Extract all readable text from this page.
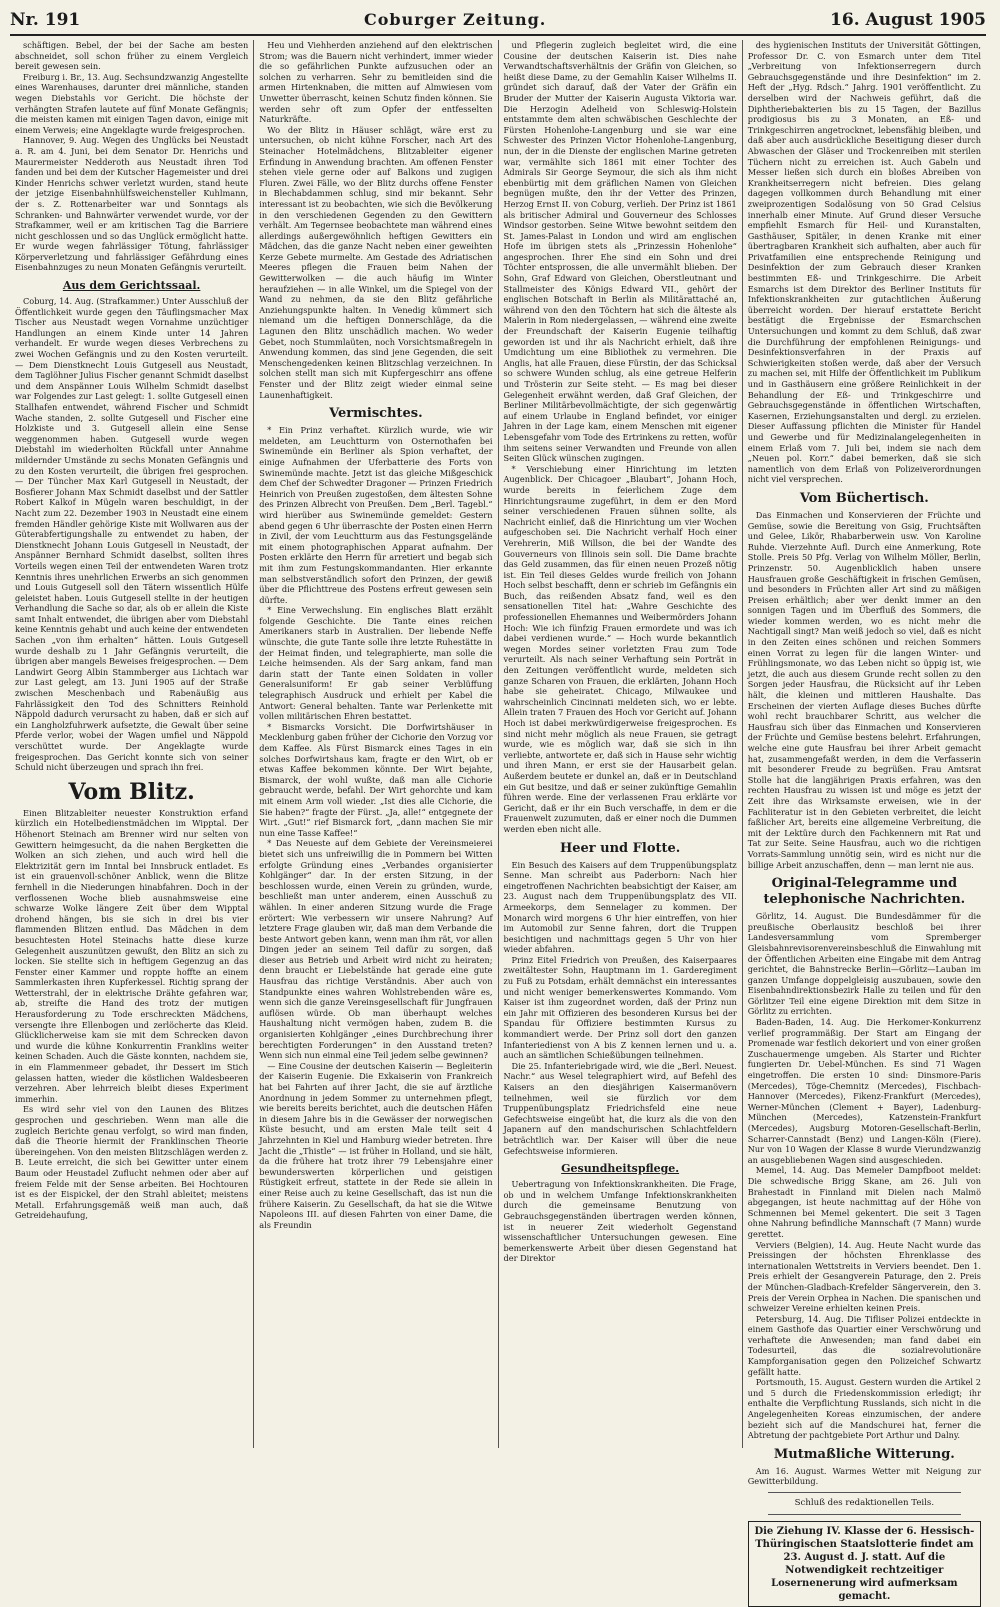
Nr. 191	Coburger Zeitung.	16. August 1905

schäftigen. Bebel, der bei der Sache am besten abschneidet, soll schon früher zu einem Vergleich bereit gewesen sein.

Freiburg i. Br., 13. Aug. Sechsundzwanzig Angestellte eines Warenhauses, darunter drei männliche, standen wegen Diebstahls vor Gericht. Die höchste der verhängten Strafen lautete auf fünf Monate Gefängnis; die meisten kamen mit einigen Tagen davon, einige mit einem Verweis; eine Angeklagte wurde freigesprochen.

Hannover, 9. Aug. Wegen des Unglücks bei Neustadt a. R. am 4. Juni, bei dem Senator Dr. Henrichs und Maurermeister Nedderoth aus Neustadt ihren Tod fanden und bei dem der Kutscher Hagemeister und drei Kinder Henrichs schwer verletzt wurden, stand heute der jetzige Eisenbahnhülfsweichensteller Kuhlmann, der s. Z. Rottenarbeiter war und Sonntags als Schranken- und Bahnwärter verwendet wurde, vor der Strafkammer, weil er am kritischen Tag die Barriere nicht geschlossen und so das Unglück ermöglicht hatte. Er wurde wegen fahrlässiger Tötung, fahrlässiger Körperverletzung und fahrlässiger Gefährdung eines Eisenbahnzuges zu neun Monaten Gefängnis verurteilt.

Aus dem Gerichtssaal.

Coburg, 14. Aug. (Strafkammer.) Unter Ausschluß der Öffentlichkeit wurde gegen den Täuflingsmacher Max Tischer aus Neustadt wegen Vornahme unzüchtiger Handlungen an einem Kinde unter 14 Jahren verhandelt. Er wurde wegen dieses Verbrechens zu zwei Wochen Gefängnis und zu den Kosten verurteilt. — Dem Dienstknecht Louis Gutgesell aus Neustadt, dem Taglöhner Julius Fischer genannt Schmidt daselbst und dem Anspänner Louis Wilhelm Schmidt daselbst war Folgendes zur Last gelegt: 1. sollte Gutgesell einen Stallhafen entwendet, während Fischer und Schmidt Wache standen, 2. sollte Gutgesell und Fischer eine Holzkiste und 3. Gutgesell allein eine Sense weggenommen haben. Gutgesell wurde wegen Diebstahl im wiederholten Rückfall unter Annahme mildernder Umstände zu sechs Monaten Gefängnis und zu den Kosten verurteilt, die übrigen frei gesprochen. — Der Tüncher Max Karl Gutgesell in Neustadt, der Bosfierer Johann Max Schmidt daselbst und der Sattler Robert Kalkof in Mügeln waren beschuldigt, in der Nacht zum 22. Dezember 1903 in Neustadt eine einem fremden Händler gehörige Kiste mit Wollwaren aus der Güterabfertigungshalle zu entwendet zu haben, der Dienstknecht Johann Louis Gutgesell in Neustadt, der Anspänner Bernhard Schmidt daselbst, sollten ihres Vorteils wegen einen Teil der entwendeten Waren trotz Kenntnis ihres unehrlichen Erwerbs an sich genommen und Louis Gutgesell soll den Tätern wissentlich Hülfe geleistet haben. Louis Gutgesell stellte in der heutigen Verhandlung die Sache so dar, als ob er allein die Kiste samt Inhalt entwendet, die übrigen aber vom Diebstahl keine Kenntnis gehabt und auch keine der entwendeten Sachen „von ihm erhalten“ hätten. Louis Gutgesell wurde deshalb zu 1 Jahr Gefängnis verurteilt, die übrigen aber mangels Beweises freigesprochen. — Dem Landwirt Georg Albin Stammberger aus Lichtach war zur Last gelegt, am 13. Juni 1905 auf der Straße zwischen Meschenbach und Rabenäußig aus Fahrlässigkeit den Tod des Schnitters Reinhold Näppold dadurch verursacht zu haben, daß er sich auf ein Langholzfuhrwerk aufsetzte, die Gewalt über seine Pferde verlor, wobei der Wagen umfiel und Näppold verschüttet wurde. Der Angeklagte wurde freigesprochen. Das Gericht konnte sich von seiner Schuld nicht überzeugen und sprach ihn frei.

Vom Blitz.

Einen Blitzableiter neuester Konstruktion erfand kürzlich ein Hotelbedienstmädchen im Wipptal. Der Höhenort Steinach am Brenner wird nur selten von Gewittern heimgesucht, da die nahen Bergketten die Wolken an sich ziehen, und auch wird hell die Elektrizität gern im Inntal bei Innsbruck entladet. Es ist ein grauenvoll-schöner Anblick, wenn die Blitze fernhell in die Niederungen hinabfahren. Doch in der verflossenen Woche blieb ausnahmsweise eine schwarze Wolke längere Zeit über dem Wipptal drohend hängen, bis sie sich in drei bis vier flammenden Blitzen entlud. Das Mädchen in dem besuchtesten Hotel Steinachs hatte diese kurze Gelegenheit auszunützen gewußt, den Blitz an sich zu locken. Sie stellte sich in heftigem Gegenzug an das Fenster einer Kammer und roppte hoffte an einem Sammlerkasten ihren Kupferkessel. Richtig sprang der Wetterstrahl, der in elektrische Drähte gefahren war, ab, streifte die Hand des trotz der mutigen Herausforderung zu Tode erschreckten Mädchens, versengte ihre Ellenbogen und zerlöcherte das Kleid. Glücklicherweise kam sie mit dem Schrecken davon und wurde die kühne Konkurrentin Franklins weiter keinen Schaden. Auch die Gäste konnten, nachdem sie, in ein Flammenmeer gebadet, ihr Dessert im Stich gelassen hatten, wieder die köstlichen Waldesbeeren verzehren. Aber lehrreich bleibt dieses Experiment immerhin.

Es wird sehr viel von den Launen des Blitzes gesprochen und geschrieben. Wenn man alle die zugleich Berichte genau verfolgt, so wird man finden, daß die Theorie hiermit der Franklinschen Theorie übereingehen. Von den meisten Blitzschlägen werden z. B. Leute erreicht, die sich bei Gewitter unter einem Baum oder Heustadel Zuflucht nehmen oder aber auf freiem Felde mit der Sense arbeiten. Bei Hochtouren ist es der Eispickel, der den Strahl ableitet; meistens Metall. Erfahrungsgemäß weiß man auch, daß Getreidehaufung,

Heu und Viehherden anziehend auf den elektrischen Strom; was die Bauern nicht verhindert, immer wieder die so gefährlichen Punkte aufzusuchen oder an solchen zu verharren. Sehr zu bemitleiden sind die armen Hirtenknaben, die mitten auf Almwiesen vom Unwetter überrascht, keinen Schutz finden können. Sie werden sehr oft zum Opfer der entfesselten Naturkräfte.

Wo der Blitz in Häuser schlägt, wäre erst zu untersuchen, ob nicht kühne Forscher, nach Art des Steinacher Hotelmädchens, Blitzableiter eigener Erfindung in Anwendung brachten. Am offenen Fenster stehen viele gerne oder auf Balkons und zugigen Fluren. Zwei Fälle, wo der Blitz durchs offene Fenster in Blechabdammen schlug, sind mir bekannt. Sehr interessant ist zu beobachten, wie sich die Bevölkerung in den verschiedenen Gegenden zu den Gewittern verhält. Am Tegernsee beobachtete man während eines allerdings außergewöhnlich heftigen Gewitters ein Mädchen, das die ganze Nacht neben einer geweihten Kerze Gebete murmelte. Am Gestade des Adriatischen Meeres pflegen die Frauen beim Nahen der Gewitterwolken — die auch häufig im Winter heraufziehen — in alle Winkel, um die Spiegel von der Wand zu nehmen, da sie den Blitz gefährliche Anziehungspunkte halten. In Venedig kümmert sich niemand um die heftigen Donnerschläge, da die Lagunen den Blitz unschädlich machen. Wo weder Gebet, noch Stummlaüten, noch Vorsichtsmaßregeln in Anwendung kommen, das sind jene Gegenden, die seit Menschengedenken keinen Blitzschlag verzeichnen. In solchen stellt man sich mit Kupfergeschirr ans offene Fenster und der Blitz zeigt wieder einmal seine Launenhaftigkeit.

Vermischtes.

* Ein Prinz verhaftet. Kürzlich wurde, wie wir meldeten, am Leuchtturm von Osternothafen bei Swinemünde ein Berliner als Spion verhaftet, der einige Aufnahmen der Uferbatterie des Forts von Swinemünde machte. Jetzt ist das gleiche Mißgeschick dem Chef der Schwedter Dragoner — Prinzen Friedrich Heinrich von Preußen zugestoßen, dem ältesten Sohne des Prinzen Albrecht von Preußen. Dem „Berl. Tagebl.“ wird hierüber aus Swinemünde gemeldet: Gestern abend gegen 6 Uhr überraschte der Posten einen Herrn in Zivil, der vom Leuchtturm aus das Festungsgelände mit einem photographischen Apparat aufnahm. Der Posten erklärte den Herrn für arretiert und begab sich mit ihm zum Festungskommandanten. Hier erkannte man selbstverständlich sofort den Prinzen, der gewiß über die Pflichttreue des Postens erfreut gewesen sein dürfte.

* Eine Verwechslung. Ein englisches Blatt erzählt folgende Geschichte. Die Tante eines reichen Amerikaners starb in Australien. Der liebende Neffe wünschte, die gute Tante solle ihre letzte Ruhestätte in der Heimat finden, und telegraphierte, man solle die Leiche heimsenden. Als der Sarg ankam, fand man darin statt der Tante einen Soldaten in voller Generalsuniform! Er gab seiner Verblüffung telegraphisch Ausdruck und erhielt per Kabel die Antwort: General behalten. Tante war Perlenkette mit vollen militärischen Ehren bestattet.

* Bismarcks Vorsicht. Die Dorfwirtshäuser in Mecklenburg gaben früher der Cichorie den Vorzug vor dem Kaffee. Als Fürst Bismarck eines Tages in ein solches Dorfwirtshaus kam, fragte er den Wirt, ob er etwas Kaffee bekommen könnte. Der Wirt bejahte, Bismarck, der wohl wußte, daß man alle Cichorie gebraucht werde, befahl. Der Wirt gehorchte und kam mit einem Arm voll wieder. „Ist dies alle Cichorie, die Sie haben?“ fragte der Fürst. „Ja, alle!“ entgegnete der Wirt. „Gut!“ rief Bismarck fort, „dann machen Sie mir nun eine Tasse Kaffee!“

* Das Neueste auf dem Gebiete der Vereinsmeierei bietet sich uns unfreiwillig die in Pommern bei Witten erfolgte Gründung eines „Verbandes organisierter Kohlgänger“ dar. In der ersten Sitzung, in der beschlossen wurde, einen Verein zu gründen, wurde, beschließt man unter anderem, einen Ausschuß zu wählen. In einer anderen Sitzung wurde die Frage erörtert: Wie verbessern wir unsere Nahrung? Auf letztere Frage glauben wir, daß man dem Verbande die beste Antwort geben kann, wenn man ihm rät, vor allen Dingen jeder an seinem Teil dafür zu sorgen, daß dieser aus Betrieb und Arbeit wird nicht zu heiraten; denn braucht er Liebelstände hat gerade eine gute Hausfrau das richtige Verständnis. Aber auch von Standpunkte eines wahren Wohlstrebenden wäre es, wenn sich die ganze Vereinsgesellschaft für Jungfrauen auflösen würde. Ob man überhaupt welches Haushaltung nicht vermögen haben, zudem B. die organisierten Kohlgänger „eines Durchbrechung ihrer berechtigten Forderungen“ in den Ausstand treten? Wenn sich nun einmal eine Teil jedem selbe gewinnen?

— Eine Cousine der deutschen Kaiserin — Begleiterin der Kaiserin Eugenie. Die Exkaiserin von Frankreich hat bei Fahrten auf ihrer Jacht, die sie auf ärztliche Anordnung in jedem Sommer zu unternehmen pflegt, wie bereits bereits berichtet, auch die deutschen Häfen in diesem Jahre bis in die Gewässer der norwegischen Küste besucht, und am ersten Male teilt seit 4 Jahrzehnten in Kiel und Hamburg wieder betreten. Ihre Jacht die „Thistle“ — ist früher in Holland, und sie hält, da die frühere hat trotz ihrer 79 Lebensjahre einer bewunderswerten körperlichen und geistigen Rüstigkeit erfreut, stattete in der Rede sie allein in einer Reise auch zu keine Gesellschaft, das ist nun die frühere Kaiserin. Zu Gesellschaft, da hat sie die Witwe Napoleons III. auf diesen Fahrten von einer Dame, die als Freundin

und Pflegerin zugleich begleitet wird, die eine Cousine der deutschen Kaiserin ist. Dies nahe Verwandtschaftsverhältnis der Gräfin von Gleichen, so heißt diese Dame, zu der Gemahlin Kaiser Wilhelms II. gründet sich darauf, daß der Vater der Gräfin ein Bruder der Mutter der Kaiserin Augusta Viktoria war. Die Herzogin Adelheid von Schleswig-Holstein entstammte dem alten schwäbischen Geschlechte der Fürsten Hohenlohe-Langenburg und sie war eine Schwester des Prinzen Victor Hohenlohe-Langenburg, nun, der in die Dienste der englischen Marine getreten war, vermählte sich 1861 mit einer Tochter des Admirals Sir George Seymour, die sich als ihm nicht ebenbürtig mit dem gräflichen Namen von Gleichen begnügen mußte, den ihr der Vetter des Prinzen, Herzog Ernst II. von Coburg, verlieh. Der Prinz ist 1861 als britischer Admiral und Gouverneur des Schlosses Windsor gestorben. Seine Witwe bewohnt seitdem den St. James-Palast in London und wird am englischen Hofe im übrigen stets als „Prinzessin Hohenlohe“ angesprochen. Ihrer Ehe sind ein Sohn und drei Töchter entsprossen, die alle unvermählt blieben. Der Sohn, Graf Edward von Gleichen, Oberstleutnant und Stallmeister des Königs Edward VII., gehört der englischen Botschaft in Berlin als Militärattaché an, während von den den Töchtern hat sich die älteste als Malerin in Rom niedergelassen, — während eine zweite der Freundschaft der Kaiserin Eugenie teilhaftig geworden ist und ihr als Nachricht erhielt, daß ihre Umdichtung um eine Bibliothek zu vermehren. Die Anglis, hat alle Frauen, diese Fürstin, der das Schicksal so schwere Wunden schlug, als eine getreue Helferin und Trösterin zur Seite steht. — Es mag bei dieser Gelegenheit erwähnt werden, daß Graf Gleichen, der Berliner Militärbevollmächtigte, der sich gegenwärtig auf einem Urlaube in England befindet, vor einiger Jahren in der Lage kam, einem Menschen mit eigener Lebensgefahr vom Tode des Ertrinkens zu retten, wofür ihm seitens seiner Verwandten und Freunde von allen Seiten Glück wünschen zugingen.

* Verschiebung einer Hinrichtung im letzten Augenblick. Der Chicagoer „Blaubart“, Johann Hoch, wurde bereits in feierlichem Zuge dem Hinrichtungsraume zugeführt, in dem er den Mord seiner verschiedenen Frauen sühnen sollte, als Nachricht einlief, daß die Hinrichtung um vier Wochen aufgeschoben sei. Die Nachricht verhalf Hoch einer Verehrerin, Miß Willson, die bei der Wandte des Gouverneurs von Illinois sein soll. Die Dame brachte das Geld zusammen, das für einen neuen Prozeß nötig ist. Ein Teil dieses Geldes wurde freilich von Johann Hoch selbst beschafft, denn er schrieb im Gefängnis ein Buch, das reißenden Absatz fand, weil es den sensationellen Titel hat: „Wahre Geschichte des professionellen Ehemannes und Weibermörders Johann Hoch: Wie ich fünfzig Frauen ermordete und was ich dabei verdienen wurde.“ — Hoch wurde bekanntlich wegen Mordes seiner vorletzten Frau zum Tode verurteilt. Als nach seiner Verhaftung sein Porträt in den Zeitungen veröffentlicht wurde, meldeten sich ganze Scharen von Frauen, die erklärten, Johann Hoch habe sie geheiratet. Chicago, Milwaukee und wahrscheinlich Cincinnati meldeten sich, wo er lebte. Allein traten 7 Frauen des Hoch vor Gericht auf. Johann Hoch ist dabei merkwürdigerweise freigesprochen. Es sind nicht mehr möglich als neue Frauen, sie getragt wurde, wie es möglich war, daß sie sich in ihn verliebte, antwortete er, daß sich in Hause sehr wichtig und ihren Mann, er erst sie der Hausarbeit gelan. Außerdem beutete er dunkel an, daß er in Deutschland ein Gut besitze, und daß er seiner zukünftige Gemahlin führen werde. Eine der verlassenen Frau erklärte vor Gericht, daß er ihr ein Buch verschaffe, in dem er die Frauenwelt zuzumuten, daß er einer noch die Dummen werden eben nicht alle.

Heer und Flotte.

Ein Besuch des Kaisers auf dem Truppenübungsplatz Senne. Man schreibt aus Paderborn: Nach hier eingetroffenen Nachrichten beabsichtigt der Kaiser, am 23. August nach dem Truppenübungsplatz des VII. Armeekorps, dem Sennelager zu kommen. Der Monarch wird morgens 6 Uhr hier eintreffen, von hier im Automobil zur Senne fahren, dort die Truppen besichtigen und nachmittags gegen 5 Uhr von hier wieder abfahren.

Prinz Eitel Friedrich von Preußen, des Kaiserpaares zweitältester Sohn, Hauptmann im 1. Garderegiment zu Fuß zu Potsdam, erhält demnächst ein interessantes und nicht weniger bemerkenswertes Kommando. Vom Kaiser ist ihm zugeordnet worden, daß der Prinz nun ein Jahr mit Offizieren des besonderen Kursus bei der Spandau für Offiziere bestimmten Kursus zu kommandiert werde. Der Prinz soll dort den ganzen Infanteriedienst von A bis Z kennen lernen und u. a. auch an sämtlichen Schießübungen teilnehmen.

Die 25. Infanteriebrigade wird, wie die „Berl. Neuest. Nachr.“ aus Wesel telegraphiert wird, auf Befehl des Kaisers an den diesjährigen Kaisermanövern teilnehmen, weil sie fürzlich vor dem Truppenübungsplatz Friedrichsfeld eine neue Gefechtsweise eingeübt hat, die kurz als die von den Japanern auf den mandschurischen Schlachtfeldern beträchtlich war. Der Kaiser will über die neue Gefechtsweise informieren.

Gesundheitspflege.

Uebertragung von Infektionskrankheiten. Die Frage, ob und in welchem Umfange Infektionskrankheiten durch die gemeinsame Benutzung von Gebrauchsgegenständen übertragen werden können, ist in neuerer Zeit wiederholt Gegenstand wissenschaftlicher Untersuchungen gewesen. Eine bemerkenswerte Arbeit über diesen Gegenstand hat der Direktor

des hygienischen Instituts der Universität Göttingen, Professor Dr. C. von Esmarch unter dem Titel „Verbreitung von Infektionserregern durch Gebrauchsgegenstände und ihre Desinfektion“ im 2. Heft der „Hyg. Rdsch.“ Jahrg. 1901 veröffentlicht. Zu derselben wird der Nachweis geführt, daß die Diphtheriebakterien bis zu 15 Tagen, der Bazillus prodigiosus bis zu 3 Monaten, an Eß- und Trinkgeschirren angetrocknet, lebensfähig bleiben, und daß aber auch ausdrückliche Beseitigung dieser durch Abwaschen der Gläser und Trockenreiben mit sterilen Tüchern nicht zu erreichen ist. Auch Gabeln und Messer ließen sich durch ein bloßes Abreiben von Krankheitserregern nicht befreien. Dies gelang dagegen vollkommen durch Behandlung mit einer zweiprozentigen Sodalösung von 50 Grad Celsius innerhalb einer Minute. Auf Grund dieser Versuche empfiehlt Esmarch für Heil- und Kuranstalten, Gasthäuser, Spitäler, in denen Kranke mit einer übertragbaren Krankheit sich aufhalten, aber auch für Privatfamilien eine entsprechende Reinigung und Desinfektion der zum Gebrauch dieser Kranken bestimmten Eß- und Trinkgeschirre. Die Arbeit Esmarchs ist dem Direktor des Berliner Instituts für Infektionskrankheiten zur gutachtlichen Äußerung überreicht worden. Der hierauf erstattete Bericht bestätigt die Ergebnisse der Esmarchschen Untersuchungen und kommt zu dem Schluß, daß zwar die Durchführung der empfohlenen Reinigungs- und Desinfektionsverfahren in der Praxis auf Schwierigkeiten stoßen werde, daß aber der Versuch zu machen sei, mit Hilfe der Öffentlichkeit im Publikum und in Gasthäusern eine größere Reinlichkeit in der Behandlung der Eß- und Trinkgeschirre und Gebrauchsgegenstände in öffentlichen Wirtschaften, Kasernen, Erziehungsanstalten und dergl. zu erzielen. Dieser Auffassung pflichten die Minister für Handel und Gewerbe und für Medizinalangelegenheiten in einem Erlaß vom 7. Juli bei, indem sie nach dem „Neuen pol. Korr.“ dabei bemerken, daß sie sich namentlich von dem Erlaß von Polizeiverordnungen nicht viel versprechen.

Vom Büchertisch.

Das Einmachen und Konservieren der Früchte und Gemüse, sowie die Bereitung von Gsig, Fruchtsäften und Gelee, Likör, Rhabarberwein usw. Von Karoline Ruhde. Vierzehnte Aufl. Durch eine Anmerkung, Rote Stolle. Preis 50 Pfg. Verlag von Wilhelm Möller, Berlin, Prinzenstr. 50. Augenblicklich haben unsere Hausfrauen große Geschäftigkeit in frischen Gemüsen, und besonders in Früchten aller Art sind zu mäßigen Preisen erhältlich; aber wer denkt immer an den sonnigen Tagen und im Überfluß des Sommers, die wieder kommen werden, wo es nicht mehr die Nachtigall singt? Man weiß jedoch so viel, daß es nicht in den Zeiten eines schönen und reichen Sommers einen Vorrat zu legen für die langen Winter- und Frühlingsmonate, wo das Leben nicht so üppig ist, wie jetzt, die auch aus diesem Grunde recht sollen zu den Sorgen jeder Hausfrau, die Rücksicht auf ihr Leben hält, die kleinen und mittleren Haushalte. Das Erscheinen der vierten Auflage dieses Buches dürfte wohl recht brauchbarer Schritt, aus welcher die Hausfrau sich über das Einmachen und Konservieren der Früchte und Gemüse bestens belehrt. Erfahrungen, welche eine gute Hausfrau bei ihrer Arbeit gemacht hat, zusammengefaßt werden, in dem die Verfasserin mit besonderer Freude zu begrüßen. Frau Amtsrat Stolle hat die langjährigen Praxis erfahren, was den rechten Hausfrau zu wissen ist und möge es jetzt der Zeit ihre das Wirksamste erweisen, wie in der Fachliteratur ist in den Gebieten verbreitet, die leicht faßlicher Art, bereits eine allgemeine Verbreitung, die mit der Lektüre durch den Fachkennern mit Rat und Tat zur Seite. Seine Hausfrau, auch wo die richtigen Vorrats-Sammlung unnötig sein, wird es nicht nur die billige Arbeit anzuschaffen, denn — man lernt nie aus.

Original-Telegramme und telephonische Nachrichten.

Görlitz, 14. August. Die Bundesdämmer für die preußische Oberlausitz beschloß bei ihrer Landesversammlung vom Spremberger Gleisbahnrevisorenvereinsbeschluß die Einwahlung mit der Öffentlichen Arbeiten eine Eingabe mit dem Antrag gerichtet, die Bahnstrecke Berlin—Görlitz—Lauban im ganzen Umfange doppelgleisig auszubauen, sowie den Eisenbahndirektionsbezirk Halle zu teilen und für den Görlitzer Teil eine eigene Direktion mit dem Sitze in Görlitz zu errichten.

Baden-Baden, 14. Aug. Die Herkomer-Konkurrenz verlief programmäßig. Der Start am Eingang der Promenade war festlich dekoriert und von einer großen Zuschauermenge umgeben. Als Starter und Richter fungierten Dr. Uebel-München. Es sind 71 Wagen eingetroffen. Die ersten 10 sind: Dinsmore-Paris (Mercedes), Töge-Chemnitz (Mercedes), Fischbach-Hannover (Mercedes), Fikenz-Frankfurt (Mercedes), Werner-München (Clement + Bayer), Ladenburg-München (Mercedes), Katzenstein-Frankfurt (Mercedes), Augsburg Motoren-Gesellschaft-Berlin, Scharrer-Cannstadt (Benz) und Langen-Köln (Fiere). Nur von 10 Wagen der Klasse 8 wurde Vierundzwanzig an ausgebliebenen Wagen sind ausgeschieden.

Memel, 14. Aug. Das Memeler Dampfboot meldet: Die schwedische Brigg Skane, am 26. Juli von Brahestadt in Finnland mit Dielen nach Malmö abgegangen, ist heute nachmittag auf der Höhe von Schmennen bei Memel gekentert. Die seit 3 Tagen ohne Nahrung befindliche Mannschaft (7 Mann) wurde gerettet.

Verviers (Belgien), 14. Aug. Heute Nacht wurde das Preissingen der höchsten Ehrenklasse des internationalen Wettstreits in Verviers beendet. Den 1. Preis erhielt der Gesangverein Paturage, den 2. Preis der München-Gladbach-Krefelder Sängerverein, den 3. Preis der Verein Orphea in Nachen. Die spanischen und schweizer Vereine erhielten keinen Preis.

Petersburg, 14. Aug. Die Tifliser Polizei entdeckte in einem Gasthofe das Quartier einer Verschwörung und verhaftete die Anwesenden; man fand dabei ein Todesurteil, das die sozialrevolutionäre Kampforganisation gegen den Polizeichef Schwartz gefällt hatte.

Portsmouth, 15. August. Gestern wurden die Artikel 2 und 5 durch die Friedenskommission erledigt; ihr enthalte die Verpflichtung Russlands, sich nicht in die Angelegenheiten Koreas einzumischen, der andere bezieht sich auf die Mandschurei hat, ferner die Abtretung der pachtgebiete Port Arthur und Dalny.

Mutmaßliche Witterung.

Am 16. August. Warmes Wetter mit Neigung zur Gewitterbildung.

Schluß des redaktionellen Teils.
Die Ziehung IV. Klasse der 6. Hessisch-Thüringischen Staatslotterie findet am 23. August d. J. statt. Auf die Notwendigkeit rechtzeitiger Losernenerung wird aufmerksam gemacht.
